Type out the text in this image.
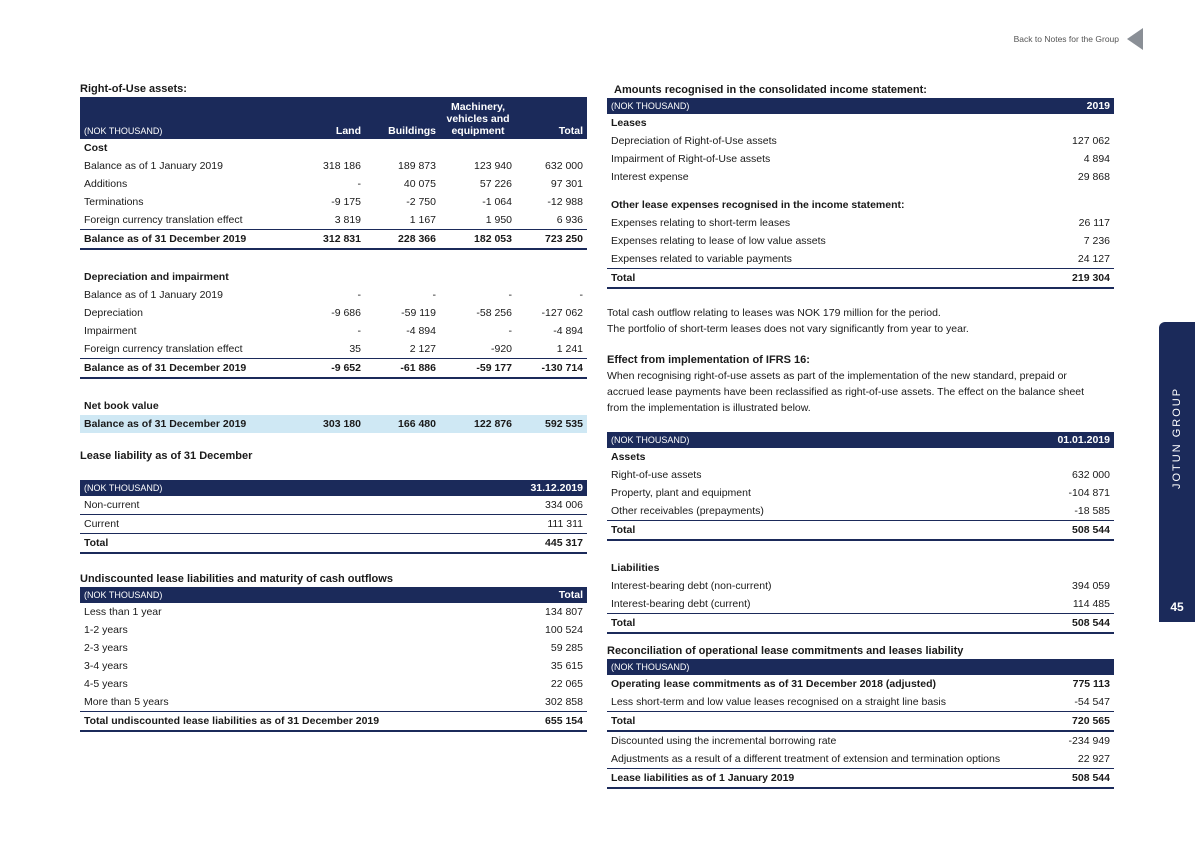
Back to Notes for the Group
JOTUN GROUP
45
Right-of-Use assets:
(NOK THOUSAND)	Land	Buildings	Machinery, vehicles and equipment	Total
Cost				
Balance as of 1 January 2019	318 186	189 873	123 940	632 000
Additions	-	40 075	57 226	97 301
Terminations	-9 175	-2 750	-1 064	-12 988
Foreign currency translation effect	3 819	1 167	1 950	6 936
Balance as of 31 December 2019	312 831	228 366	182 053	723 250

Depreciation and impairment				
Balance as of 1 January 2019	-	-	-	-
Depreciation	-9 686	-59 119	-58 256	-127 062
Impairment	-	-4 894	-	-4 894
Foreign currency translation effect	35	2 127	-920	1 241
Balance as of 31 December 2019	-9 652	-61 886	-59 177	-130 714

Net book value				
Balance as of 31 December 2019	303 180	166 480	122 876	592 535
Lease liability as of 31 December
(NOK THOUSAND)	31.12.2019
Non-current	334 006
Current	111 311
Total	445 317
Undiscounted lease liabilities and maturity of cash outflows
(NOK THOUSAND)	Total
Less than 1 year	134 807
1-2 years	100 524
2-3 years	59 285
3-4 years	35 615
4-5 years	22 065
More than 5 years	302 858
Total undiscounted lease liabilities as of 31 December 2019	655 154
Amounts recognised in the consolidated income statement:
(NOK THOUSAND)	2019
Leases	
Depreciation of Right-of-Use assets	127 062
Impairment of Right-of-Use assets	4 894
Interest expense	29 868

Other lease expenses recognised in the income statement:	
Expenses relating to short-term leases	26 117
Expenses relating to lease of low value assets	7 236
Expenses related to variable payments	24 127
Total	219 304
Total cash outflow relating to leases was NOK 179 million for the period.
The portfolio of short-term leases does not vary significantly from year to year.
Effect from implementation of IFRS 16:
When recognising right-of-use assets as part of the implementation of the new standard, prepaid or
accrued lease payments have been reclassified as right-of-use assets. The effect on the balance sheet
from the implementation is illustrated below.
(NOK THOUSAND)	01.01.2019
Assets	
Right-of-use assets	632 000
Property, plant and equipment	-104 871
Other receivables (prepayments)	-18 585
Total	508 544

Liabilities	
Interest-bearing debt (non-current)	394 059
Interest-bearing debt (current)	114 485
Total	508 544
Reconciliation of operational lease commitments and leases liability
(NOK THOUSAND)	
Operating lease commitments as of 31 December 2018 (adjusted)	775 113
Less short-term and low value leases recognised on a straight line basis	-54 547
Total	720 565
Discounted using the incremental borrowing rate	-234 949
Adjustments as a result of a different treatment of extension and termination options	22 927
Lease liabilities as of 1 January 2019	508 544
